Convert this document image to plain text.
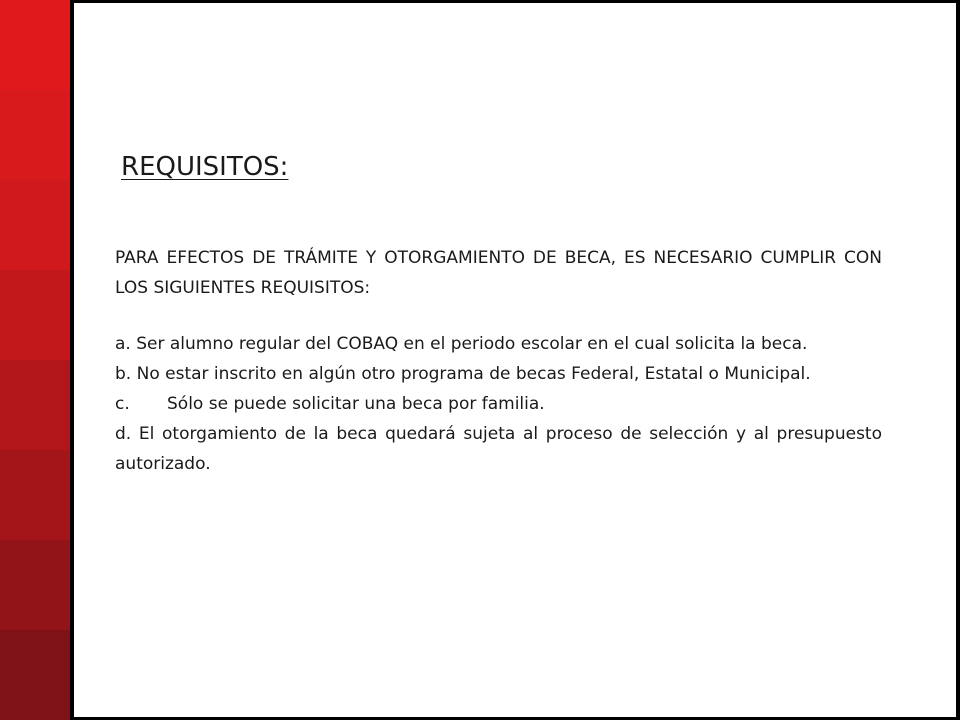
REQUISITOS:

PARA EFECTOS DE TRÁMITE Y OTORGAMIENTO DE BECA, ES NECESARIO CUMPLIR CON LOS SIGUIENTES REQUISITOS:

a. Ser alumno regular del COBAQ en el periodo escolar en el cual solicita la beca.

b. No estar inscrito en algún otro programa de becas Federal, Estatal o Municipal.

c. Sólo se puede solicitar una beca por familia.

d. El otorgamiento de la beca quedará sujeta al proceso de selección y al presupuesto autorizado.
